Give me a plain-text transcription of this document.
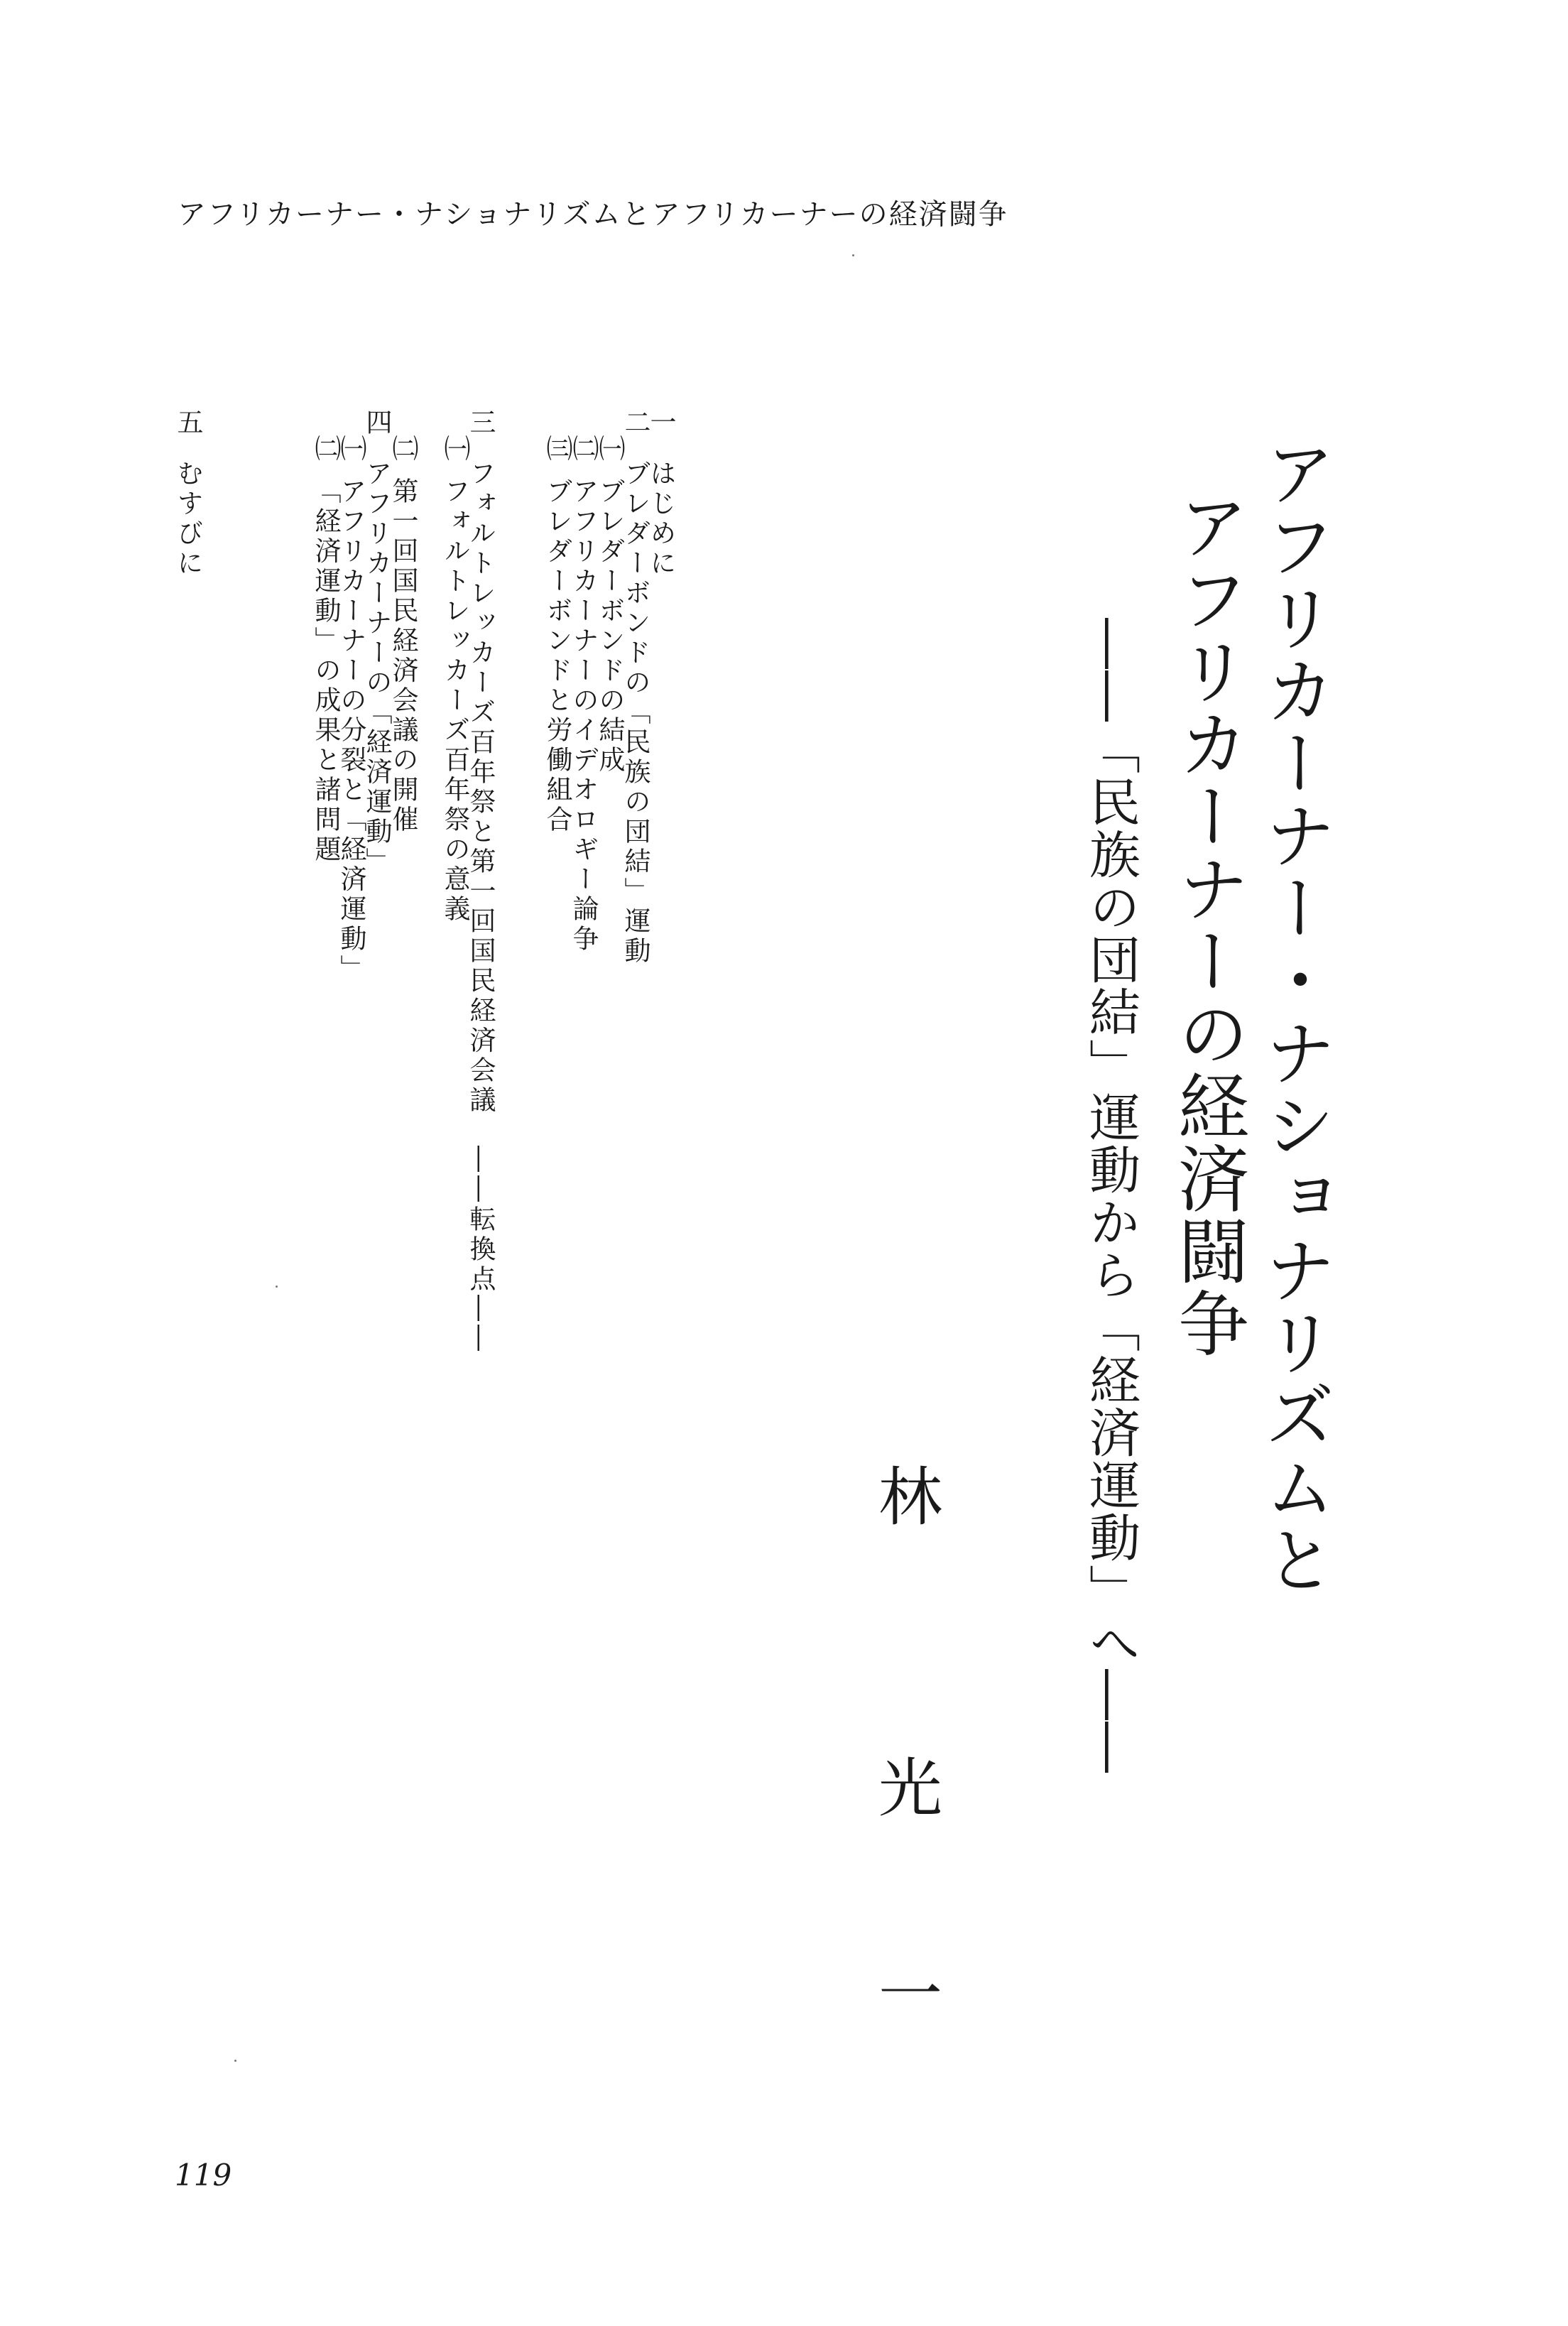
アフリカーナー・ナショナリズムとアフリカーナーの経済闘争
アフリカーナー・ナショナリズムと
アフリカーナーの経済闘争
――「民族の団結」運動から「経済運動」へ――
林
光
一
一はじめに
二ブレダーボンドの「民族の団結」運動
㈠ブレダーボンドの結成
㈡アフリカーナーのイデオロギー論争
㈢ブレダーボンドと労働組合
三フォルトレッカーズ百年祭と第一回国民経済会議　――転換点――
㈠フォルトレッカーズ百年祭の意義
㈡第一回国民経済会議の開催
四アフリカーナーの「経済運動」
㈠アフリカーナーの分裂と「経済運動」
㈡「経済運動」の成果と諸問題
五むすびに
119
